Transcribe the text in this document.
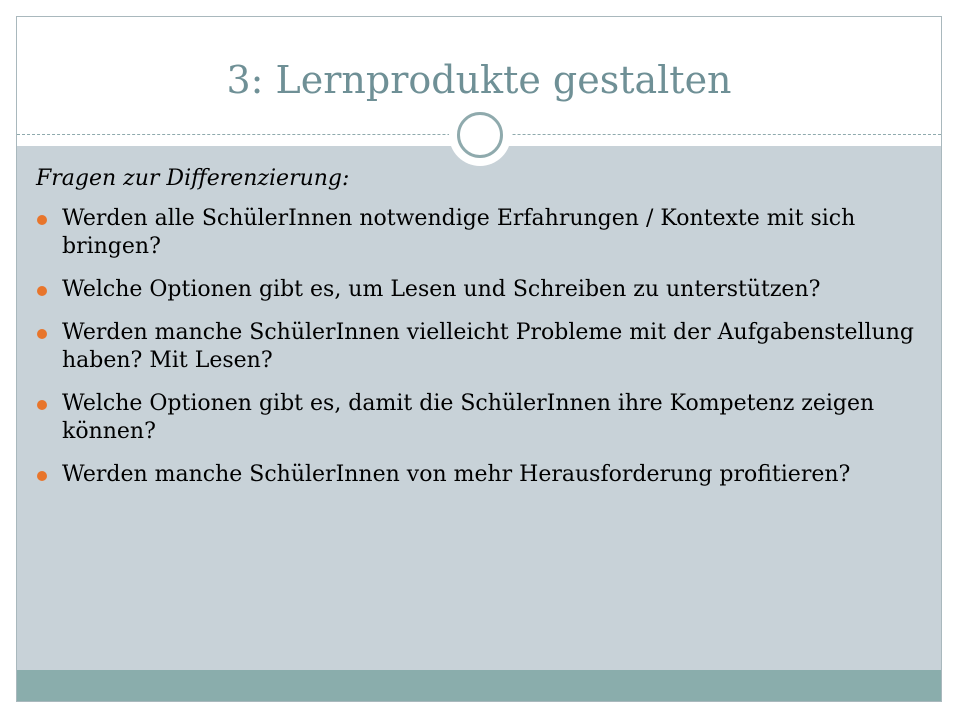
3: Lernprodukte gestalten

Fragen zur Differenzierung:

Werden alle SchülerInnen notwendige Erfahrungen / Kontexte mit sich bringen?
Welche Optionen gibt es, um Lesen und Schreiben zu unterstützen?
Werden manche SchülerInnen vielleicht Probleme mit der Aufgabenstellung haben? Mit Lesen?
Welche Optionen gibt es, damit die SchülerInnen ihre Kompetenz zeigen können?
Werden manche SchülerInnen von mehr Herausforderung profitieren?
